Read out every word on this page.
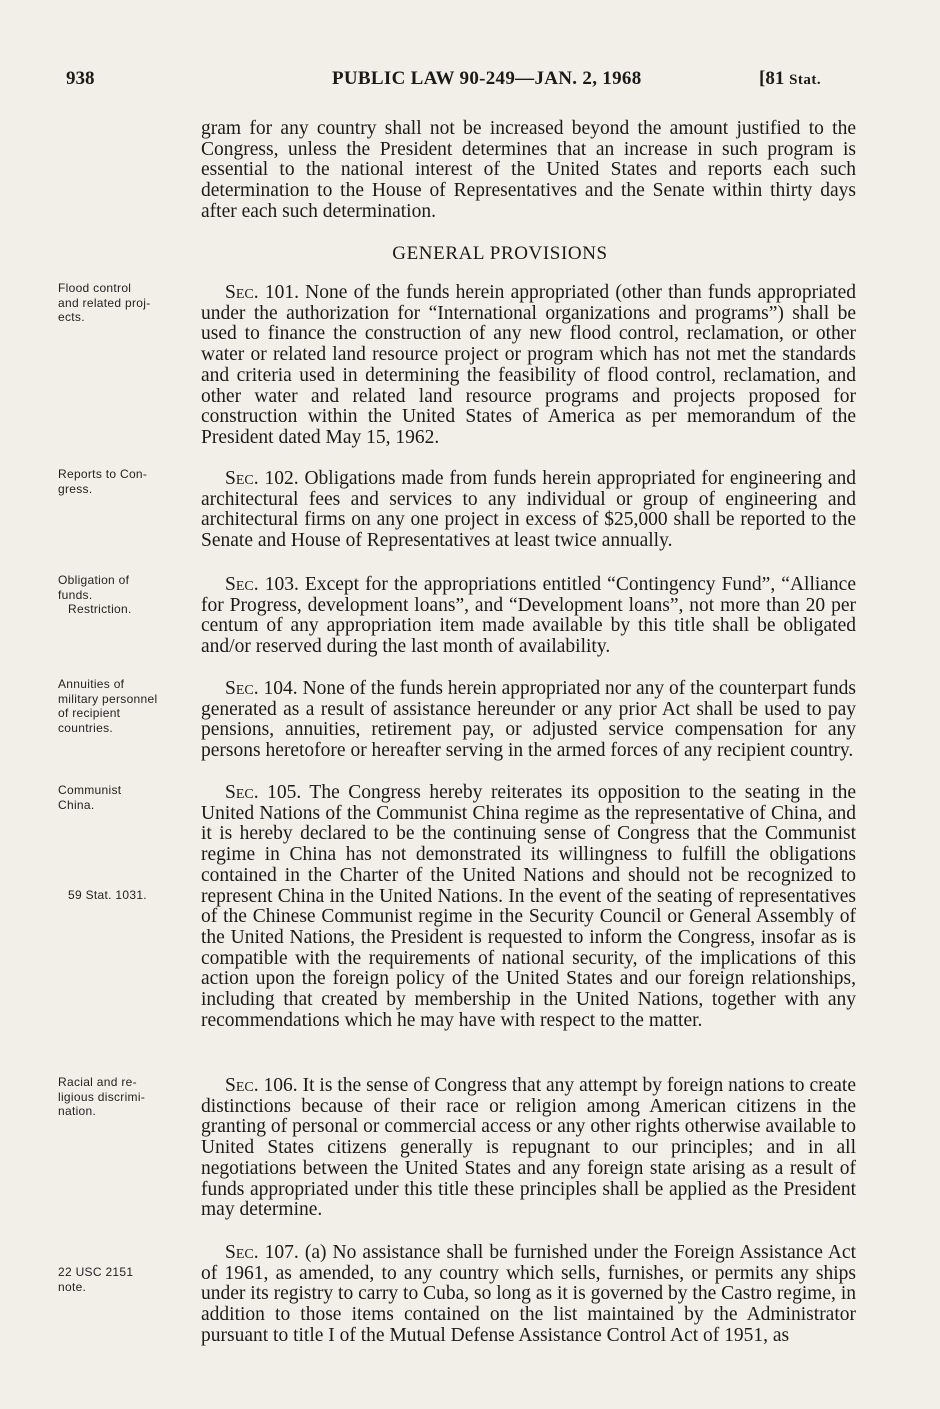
938	PUBLIC LAW 90-249—JAN. 2, 1968	[81 Stat.

gram for any country shall not be increased beyond the amount justified to the Congress, unless the President determines that an increase in such program is essential to the national interest of the United States and reports each such determination to the House of Representatives and the Senate within thirty days after each such determination.

GENERAL PROVISIONS

Sec. 101. None of the funds herein appropriated (other than funds appropriated under the authorization for “International organizations and programs”) shall be used to finance the construction of any new flood control, reclamation, or other water or related land resource project or program which has not met the standards and criteria used in determining the feasibility of flood control, reclamation, and other water and related land resource programs and projects proposed for construction within the United States of America as per memorandum of the President dated May 15, 1962.

Sec. 102. Obligations made from funds herein appropriated for engineering and architectural fees and services to any individual or group of engineering and architectural firms on any one project in excess of $25,000 shall be reported to the Senate and House of Representatives at least twice annually.

Sec. 103. Except for the appropriations entitled “Contingency Fund”, “Alliance for Progress, development loans”, and “Development loans”, not more than 20 per centum of any appropriation item made available by this title shall be obligated and/or reserved during the last month of availability.

Sec. 104. None of the funds herein appropriated nor any of the counterpart funds generated as a result of assistance hereunder or any prior Act shall be used to pay pensions, annuities, retirement pay, or adjusted service compensation for any persons heretofore or hereafter serving in the armed forces of any recipient country.

Sec. 105. The Congress hereby reiterates its opposition to the seating in the United Nations of the Communist China regime as the representative of China, and it is hereby declared to be the continuing sense of Congress that the Communist regime in China has not demonstrated its willingness to fulfill the obligations contained in the Charter of the United Nations and should not be recognized to represent China in the United Nations. In the event of the seating of representatives of the Chinese Communist regime in the Security Council or General Assembly of the United Nations, the President is requested to inform the Congress, insofar as is compatible with the requirements of national security, of the implications of this action upon the foreign policy of the United States and our foreign relationships, including that created by membership in the United Nations, together with any recommendations which he may have with respect to the matter.

Sec. 106. It is the sense of Congress that any attempt by foreign nations to create distinctions because of their race or religion among American citizens in the granting of personal or commercial access or any other rights otherwise available to United States citizens generally is repugnant to our principles; and in all negotiations between the United States and any foreign state arising as a result of funds appropriated under this title these principles shall be applied as the President may determine.

Sec. 107. (a) No assistance shall be furnished under the Foreign Assistance Act of 1961, as amended, to any country which sells, furnishes, or permits any ships under its registry to carry to Cuba, so long as it is governed by the Castro regime, in addition to those items contained on the list maintained by the Administrator pursuant to title I of the Mutual Defense Assistance Control Act of 1951, as

Flood control
and related proj-
ects.
Reports to Con-
gress.
Obligation of
funds.
Restriction.
Annuities of
military personnel
of recipient
countries.
Communist
China.
59 Stat. 1031.
Racial and re-
ligious discrimi-
nation.
22 USC 2151
note.
